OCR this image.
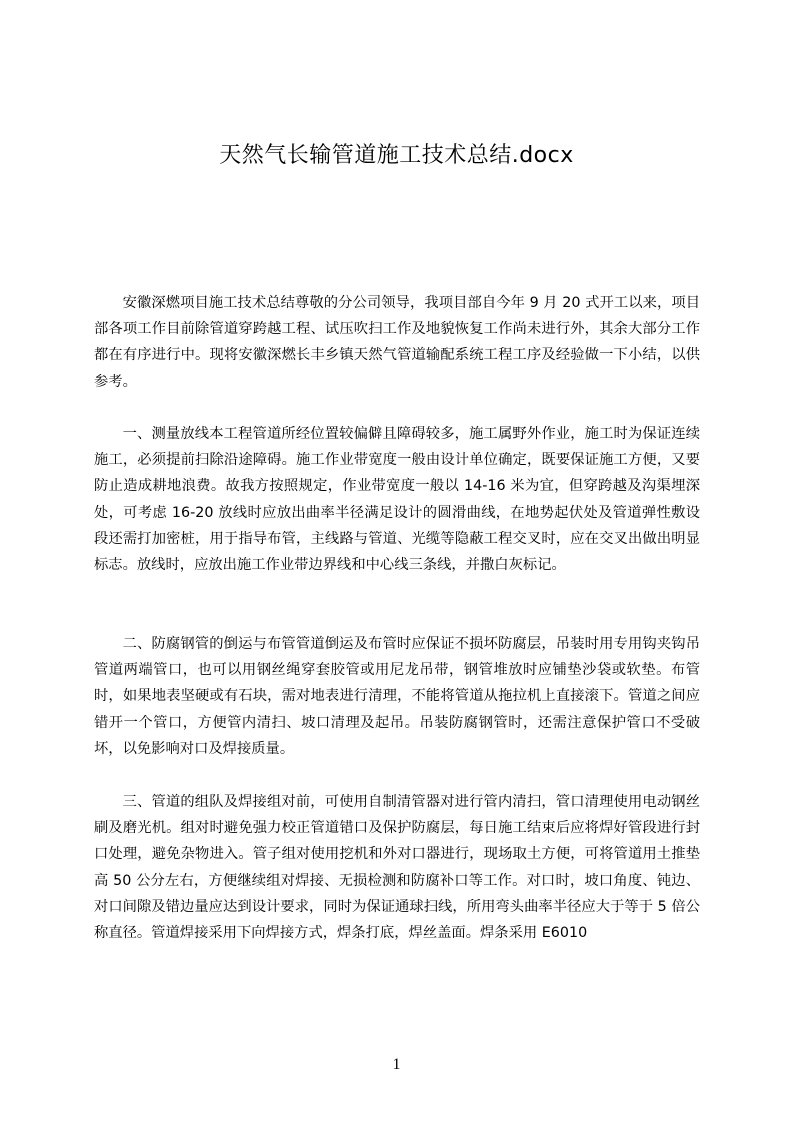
天然气长输管道施工技术总结.docx

安徽深燃项目施工技术总结尊敬的分公司领导，我项目部自今年 9 月 20 式开工以来，项目部各项工作目前除管道穿跨越工程、试压吹扫工作及地貌恢复工作尚未进行外，其余大部分工作都在有序进行中。现将安徽深燃长丰乡镇天然气管道输配系统工程工序及经验做一下小结，以供参考。

一、测量放线本工程管道所经位置较偏僻且障碍较多，施工属野外作业，施工时为保证连续施工，必须提前扫除沿途障碍。施工作业带宽度一般由设计单位确定，既要保证施工方便，又要防止造成耕地浪费。故我方按照规定，作业带宽度一般以 14-16 米为宜，但穿跨越及沟渠埋深处，可考虑 16-20 放线时应放出曲率半径满足设计的圆滑曲线，在地势起伏处及管道弹性敷设段还需打加密桩，用于指导布管，主线路与管道、光缆等隐蔽工程交叉时，应在交叉出做出明显标志。放线时，应放出施工作业带边界线和中心线三条线，并撒白灰标记。

二、防腐钢管的倒运与布管管道倒运及布管时应保证不损坏防腐层，吊装时用专用钩夹钩吊管道两端管口，也可以用钢丝绳穿套胶管或用尼龙吊带，钢管堆放时应铺垫沙袋或软垫。布管时，如果地表坚硬或有石块，需对地表进行清理，不能将管道从拖拉机上直接滚下。管道之间应错开一个管口，方便管内清扫、坡口清理及起吊。吊装防腐钢管时，还需注意保护管口不受破坏，以免影响对口及焊接质量。

三、管道的组队及焊接组对前，可使用自制清管器对进行管内清扫，管口清理使用电动钢丝刷及磨光机。组对时避免强力校正管道错口及保护防腐层，每日施工结束后应将焊好管段进行封口处理，避免杂物进入。管子组对使用挖机和外对口器进行，现场取土方便，可将管道用土推垫高 50 公分左右，方便继续组对焊接、无损检测和防腐补口等工作。对口时，坡口角度、钝边、对口间隙及错边量应达到设计要求，同时为保证通球扫线，所用弯头曲率半径应大于等于 5 倍公称直径。管道焊接采用下向焊接方式，焊条打底，焊丝盖面。焊条采用 E6010

1
